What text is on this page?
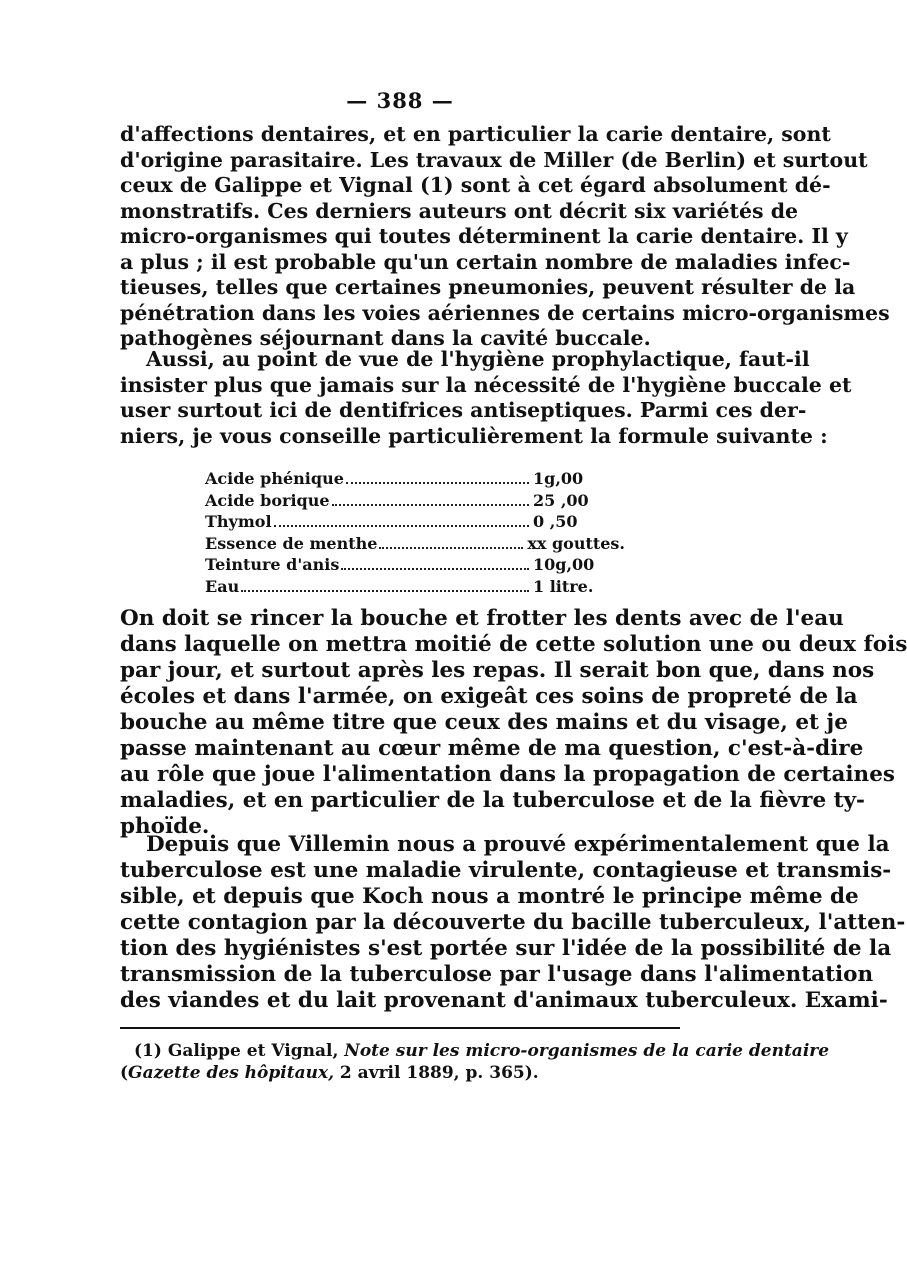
— 388 —
d'affections dentaires, et en particulier la carie dentaire, sont
d'origine parasitaire. Les travaux de Miller (de Berlin) et surtout
ceux de Galippe et Vignal (1) sont à cet égard absolument dé-
monstratifs. Ces derniers auteurs ont décrit six variétés de
micro-organismes qui toutes déterminent la carie dentaire. Il y
a plus ; il est probable qu'un certain nombre de maladies infec-
tieuses, telles que certaines pneumonies, peuvent résulter de la
pénétration dans les voies aériennes de certains micro-organismes
pathogènes séjournant dans la cavité buccale.
Aussi, au point de vue de l'hygiène prophylactique, faut-il
insister plus que jamais sur la nécessité de l'hygiène buccale et
user surtout ici de dentifrices antiseptiques. Parmi ces der-
niers, je vous conseille particulièrement la formule suivante :
Acide phénique	1g,00
Acide borique	25 ,00
Thymol	0 ,50
Essence de menthe	xx gouttes.
Teinture d'anis	10g,00
Eau	1 litre.
On doit se rincer la bouche et frotter les dents avec de l'eau
dans laquelle on mettra moitié de cette solution une ou deux fois
par jour, et surtout après les repas. Il serait bon que, dans nos
écoles et dans l'armée, on exigeât ces soins de propreté de la
bouche au même titre que ceux des mains et du visage, et je
passe maintenant au cœur même de ma question, c'est-à-dire
au rôle que joue l'alimentation dans la propagation de certaines
maladies, et en particulier de la tuberculose et de la fièvre ty-
phoïde.
Depuis que Villemin nous a prouvé expérimentalement que la
tuberculose est une maladie virulente, contagieuse et transmis-
sible, et depuis que Koch nous a montré le principe même de
cette contagion par la découverte du bacille tuberculeux, l'atten-
tion des hygiénistes s'est portée sur l'idée de la possibilité de la
transmission de la tuberculose par l'usage dans l'alimentation
des viandes et du lait provenant d'animaux tuberculeux. Exami-
(1) Galippe et Vignal, Note sur les micro-organismes de la carie dentaire
(Gazette des hôpitaux, 2 avril 1889, p. 365).
